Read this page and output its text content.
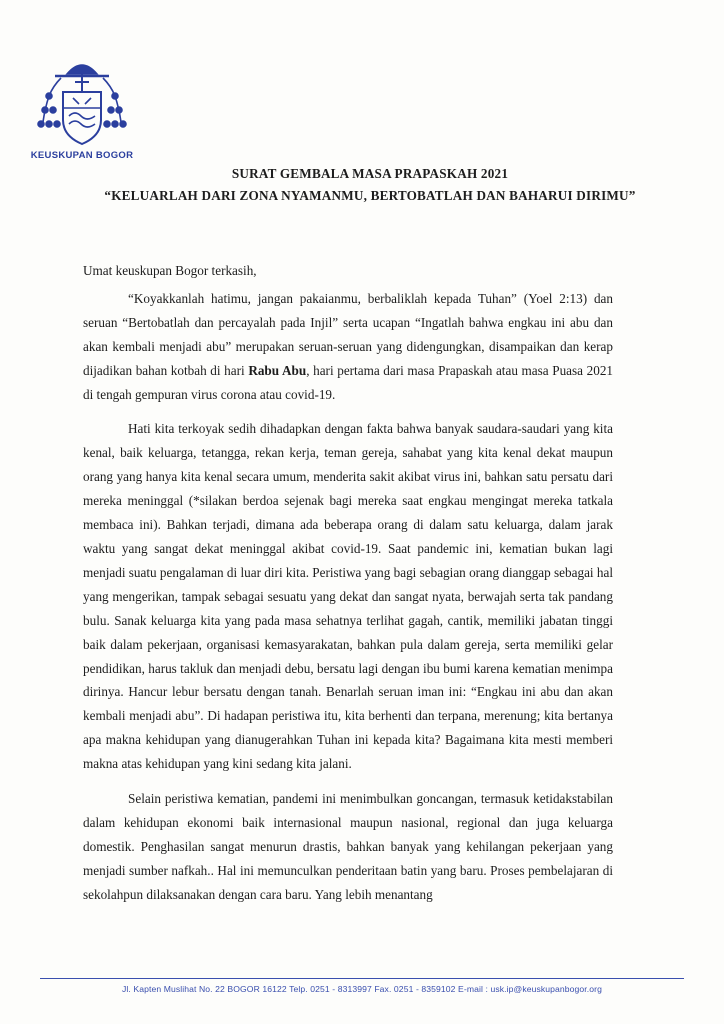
KEUSKUPAN BOGOR
SURAT GEMBALA MASA PRAPASKAH 2021
“KELUARLAH DARI ZONA NYAMANMU, BERTOBATLAH DAN BAHARUI DIRIMU”

Umat keuskupan Bogor terkasih,

“Koyakkanlah hatimu, jangan pakaianmu, berbaliklah kepada Tuhan” (Yoel 2:13) dan seruan “Bertobatlah dan percayalah pada Injil” serta ucapan “Ingatlah bahwa engkau ini abu dan akan kembali menjadi abu” merupakan seruan-seruan yang didengungkan, disampaikan dan kerap dijadikan bahan kotbah di hari Rabu Abu, hari pertama dari masa Prapaskah atau masa Puasa 2021 di tengah gempuran virus corona atau covid-19.

Hati kita terkoyak sedih dihadapkan dengan fakta bahwa banyak saudara-saudari yang kita kenal, baik keluarga, tetangga, rekan kerja, teman gereja, sahabat yang kita kenal dekat maupun orang yang hanya kita kenal secara umum, menderita sakit akibat virus ini, bahkan satu persatu dari mereka meninggal (*silakan berdoa sejenak bagi mereka saat engkau mengingat mereka tatkala membaca ini). Bahkan terjadi, dimana ada beberapa orang di dalam satu keluarga, dalam jarak waktu yang sangat dekat meninggal akibat covid-19. Saat pandemic ini, kematian bukan lagi menjadi suatu pengalaman di luar diri kita. Peristiwa yang bagi sebagian orang dianggap sebagai hal yang mengerikan, tampak sebagai sesuatu yang dekat dan sangat nyata, berwajah serta tak pandang bulu. Sanak keluarga kita yang pada masa sehatnya terlihat gagah, cantik, memiliki jabatan tinggi baik dalam pekerjaan, organisasi kemasyarakatan, bahkan pula dalam gereja, serta memiliki gelar pendidikan, harus takluk dan menjadi debu, bersatu lagi dengan ibu bumi karena kematian menimpa dirinya. Hancur lebur bersatu dengan tanah. Benarlah seruan iman ini: “Engkau ini abu dan akan kembali menjadi abu”. Di hadapan peristiwa itu, kita berhenti dan terpana, merenung; kita bertanya apa makna kehidupan yang dianugerahkan Tuhan ini kepada kita? Bagaimana kita mesti memberi makna atas kehidupan yang kini sedang kita jalani.

Selain peristiwa kematian, pandemi ini menimbulkan goncangan, termasuk ketidakstabilan dalam kehidupan ekonomi baik internasional maupun nasional, regional dan juga keluarga domestik. Penghasilan sangat menurun drastis, bahkan banyak yang kehilangan pekerjaan yang menjadi sumber nafkah.. Hal ini memunculkan penderitaan batin yang baru. Proses pembelajaran di sekolahpun dilaksanakan dengan cara baru. Yang lebih menantang

Jl. Kapten Muslihat No. 22 BOGOR 16122 Telp. 0251 - 8313997 Fax. 0251 - 8359102 E-mail : usk.ip@keuskupanbogor.org
